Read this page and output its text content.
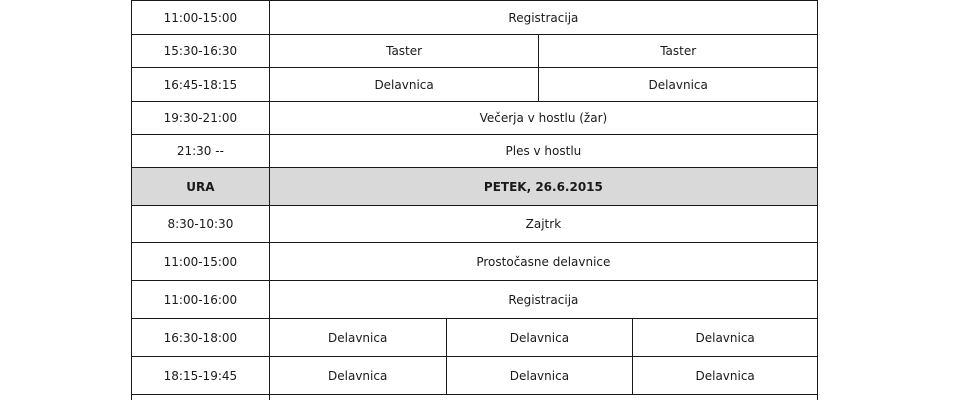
11:00-15:00	Registracija
15:30-16:30	Taster	Taster
16:45-18:15	Delavnica	Delavnica
19:30-21:00	Večerja v hostlu (žar)
21:30 --	Ples v hostlu
URA	PETEK, 26.6.2015
8:30-10:30	Zajtrk
11:00-15:00	Prostočasne delavnice
11:00-16:00	Registracija
16:30-18:00	Delavnica	Delavnica	Delavnica
18:15-19:45	Delavnica	Delavnica	Delavnica
